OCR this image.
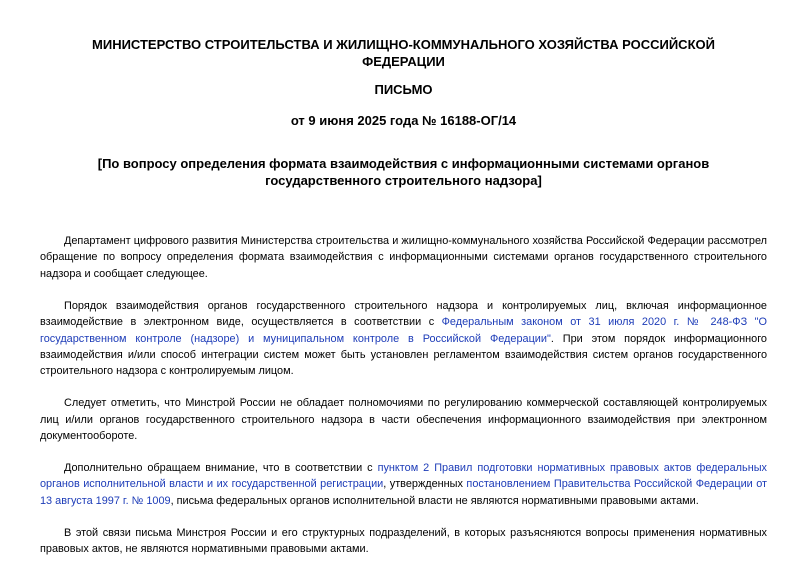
МИНИСТЕРСТВО СТРОИТЕЛЬСТВА И ЖИЛИЩНО-КОММУНАЛЬНОГО ХОЗЯЙСТВА РОССИЙСКОЙ ФЕДЕРАЦИИ
ПИСЬМО
от 9 июня 2025 года № 16188-ОГ/14
[По вопросу определения формата взаимодействия с информационными системами органов государственного строительного надзора]

Департамент цифрового развития Министерства строительства и жилищно-коммунального хозяйства Российской Федерации рассмотрел обращение по вопросу определения формата взаимодействия с информационными системами органов государственного строительного надзора и сообщает следующее.

Порядок взаимодействия органов государственного строительного надзора и контролируемых лиц, включая информационное взаимодействие в электронном виде, осуществляется в соответствии с Федеральным законом от 31 июля 2020 г. № 248-ФЗ "О государственном контроле (надзоре) и муниципальном контроле в Российской Федерации". При этом порядок информационного взаимодействия и/или способ интеграции систем может быть установлен регламентом взаимодействия систем органов государственного строительного надзора с контролируемым лицом.

Следует отметить, что Минстрой России не обладает полномочиями по регулированию коммерческой составляющей контролируемых лиц и/или органов государственного строительного надзора в части обеспечения информационного взаимодействия при электронном документообороте.

Дополнительно обращаем внимание, что в соответствии с пунктом 2 Правил подготовки нормативных правовых актов федеральных органов исполнительной власти и их государственной регистрации, утвержденных постановлением Правительства Российской Федерации от 13 августа 1997 г. № 1009, письма федеральных органов исполнительной власти не являются нормативными правовыми актами.

В этой связи письма Минстроя России и его структурных подразделений, в которых разъясняются вопросы применения нормативных правовых актов, не являются нормативными правовыми актами.
